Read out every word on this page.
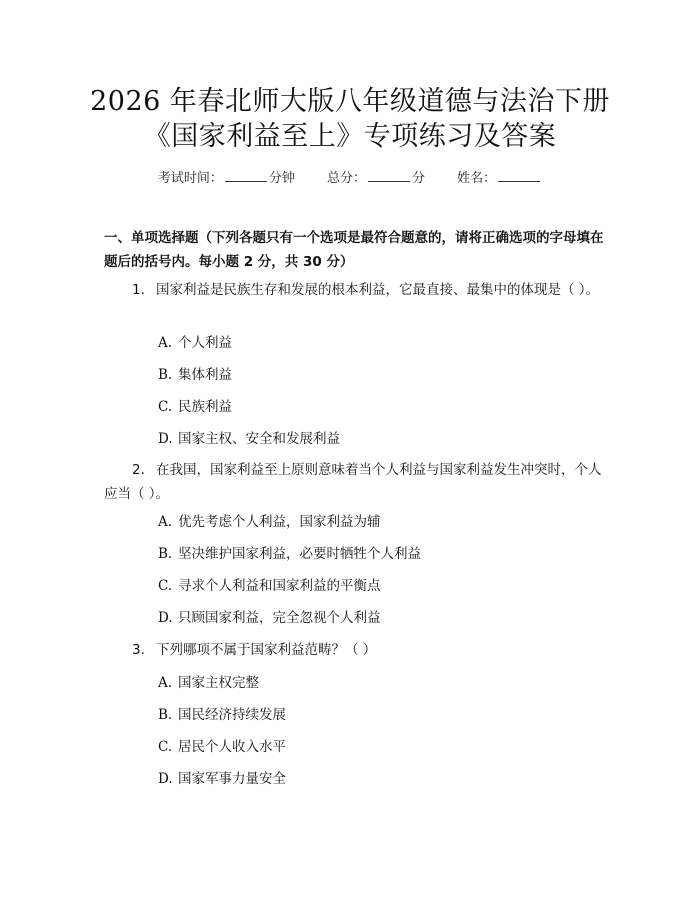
2026 年春北师大版八年级道德与法治下册
《国家利益至上》专项练习及答案
考试时间：	分钟 总分：	分 姓名：
一、单项选择题（下列各题只有一个选项是最符合题意的，请将正确选项的字母填在题后的括号内。每小题 2 分，共 30 分）
1. 国家利益是民族生存和发展的根本利益，它最直接、最集中的体现是（ ）。
A. 个人利益
B. 集体利益
C. 民族利益
D. 国家主权、安全和发展利益
2. 在我国，国家利益至上原则意味着当个人利益与国家利益发生冲突时，个人应当（ ）。
A. 优先考虑个人利益，国家利益为辅
B. 坚决维护国家利益，必要时牺牲个人利益
C. 寻求个人利益和国家利益的平衡点
D. 只顾国家利益，完全忽视个人利益
3. 下列哪项不属于国家利益范畴？（ ）
A. 国家主权完整
B. 国民经济持续发展
C. 居民个人收入水平
D. 国家军事力量安全
